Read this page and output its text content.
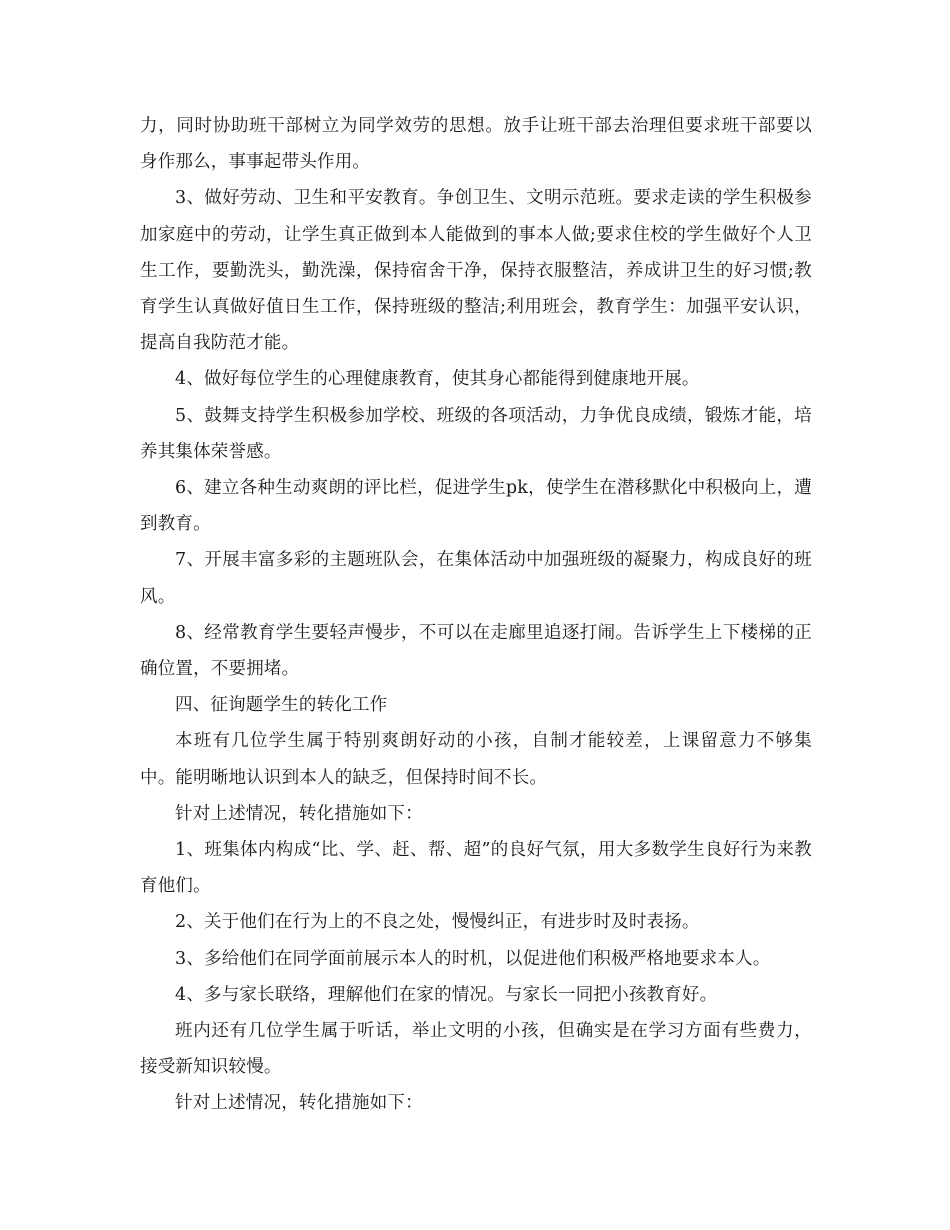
力，同时协助班干部树立为同学效劳的思想。放手让班干部去治理但要求班干部要以身作那么，事事起带头作用。

3、做好劳动、卫生和平安教育。争创卫生、文明示范班。要求走读的学生积极参加家庭中的劳动，让学生真正做到本人能做到的事本人做;要求住校的学生做好个人卫生工作，要勤洗头，勤洗澡，保持宿舍干净，保持衣服整洁，养成讲卫生的好习惯;教育学生认真做好值日生工作，保持班级的整洁;利用班会，教育学生：加强平安认识，提高自我防范才能。

4、做好每位学生的心理健康教育，使其身心都能得到健康地开展。

5、鼓舞支持学生积极参加学校、班级的各项活动，力争优良成绩，锻炼才能，培养其集体荣誉感。

6、建立各种生动爽朗的评比栏，促进学生pk，使学生在潜移默化中积极向上，遭到教育。

7、开展丰富多彩的主题班队会，在集体活动中加强班级的凝聚力，构成良好的班风。

8、经常教育学生要轻声慢步，不可以在走廊里追逐打闹。告诉学生上下楼梯的正确位置，不要拥堵。

四、征询题学生的转化工作

本班有几位学生属于特别爽朗好动的小孩，自制才能较差，上课留意力不够集中。能明晰地认识到本人的缺乏，但保持时间不长。

针对上述情况，转化措施如下：

1、班集体内构成“比、学、赶、帮、超”的良好气氛，用大多数学生良好行为来教育他们。

2、关于他们在行为上的不良之处，慢慢纠正，有进步时及时表扬。

3、多给他们在同学面前展示本人的时机，以促进他们积极严格地要求本人。

4、多与家长联络，理解他们在家的情况。与家长一同把小孩教育好。

班内还有几位学生属于听话，举止文明的小孩，但确实是在学习方面有些费力，接受新知识较慢。

针对上述情况，转化措施如下：
